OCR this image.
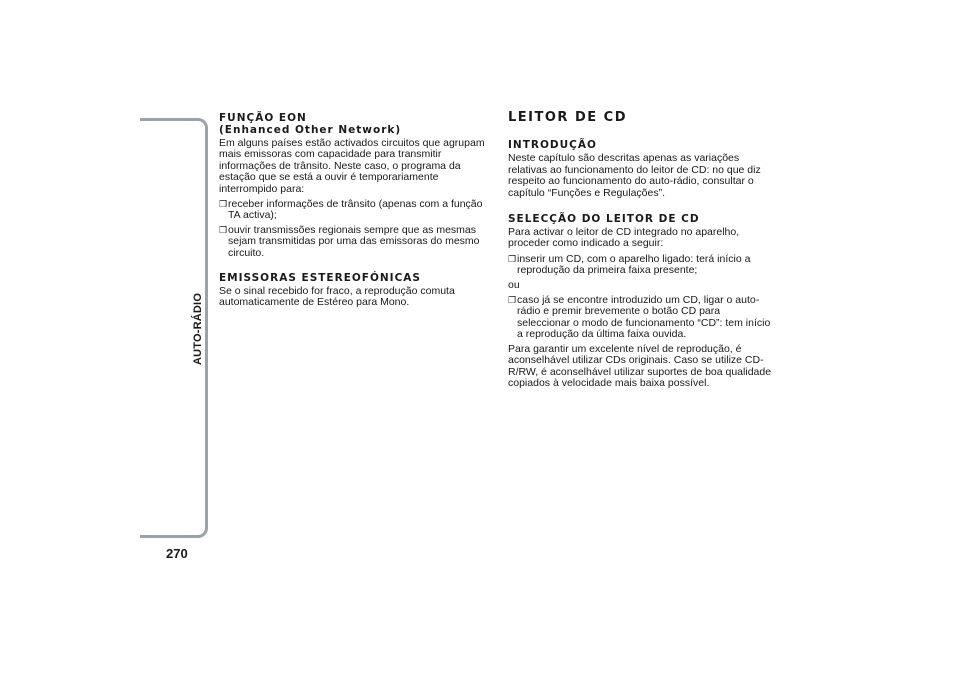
AUTO-RÁDIO
270
FUNÇÃO EON
(Enhanced Other Network)

Em alguns países estão activados circuitos que agrupam mais emissoras com capacidade para transmitir informações de trânsito. Neste caso, o programa da estação que se está a ouvir é temporariamente interrompido para:

❒ receber informações de trânsito (apenas com a função TA activa);
❒ ouvir transmissões regionais sempre que as mesmas sejam transmitidas por uma das emissoras do mesmo circuito.
EMISSORAS ESTEREOFÓNICAS

Se o sinal recebido for fraco, a reprodução comuta automaticamente de Estéreo para Mono.

LEITOR DE CD
INTRODUÇÃO

Neste capítulo são descritas apenas as variações relativas ao funcionamento do leitor de CD: no que diz respeito ao funcionamento do auto-rádio, consultar o capítulo “Funções e Regulações”.

SELECÇÃO DO LEITOR DE CD

Para activar o leitor de CD integrado no aparelho, proceder como indicado a seguir:

❒ inserir um CD, com o aparelho ligado: terá início a reprodução da primeira faixa presente;

ou

❒ caso já se encontre introduzido um CD, ligar o auto-rádio e premir brevemente o botão CD para seleccionar o modo de funcionamento “CD”: tem início a reprodução da última faixa ouvida.

Para garantir um excelente nível de reprodução, é aconselhável utilizar CDs originais. Caso se utilize CD-R/RW, é aconselhável utilizar suportes de boa qualidade copiados à velocidade mais baixa possível.
